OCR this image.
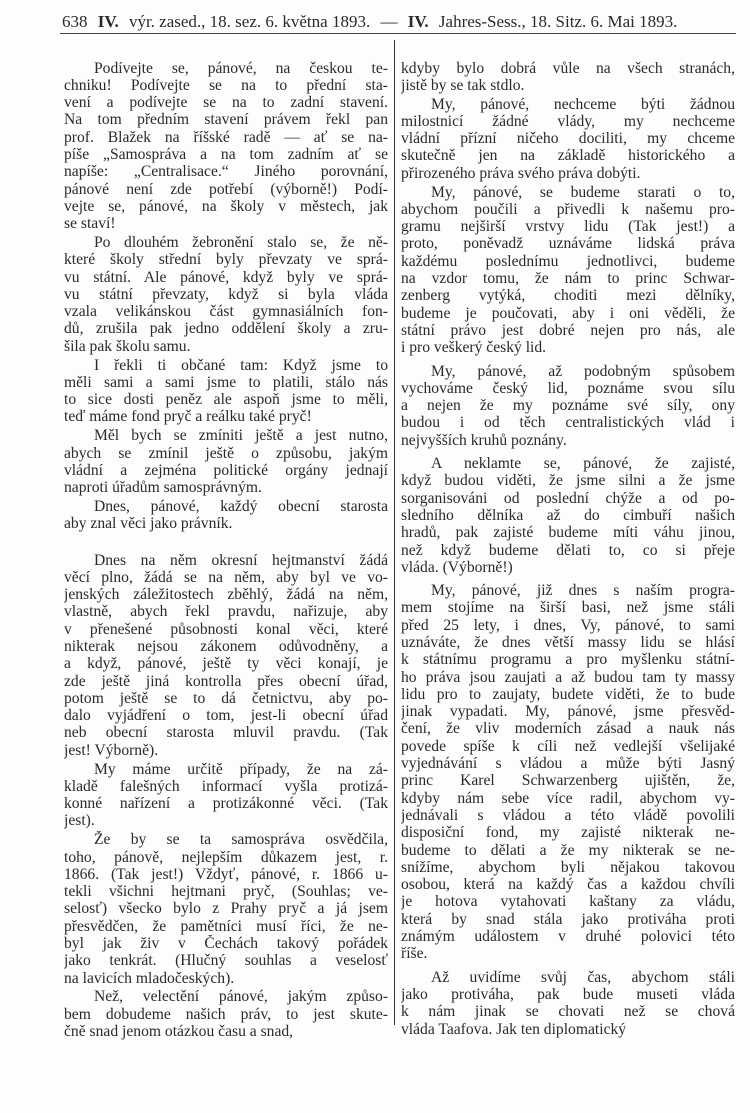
638 IV. výr. zased., 18. sez. 6. května 1893. — IV. Jahres-Sess., 18. Sitz. 6. Mai 1893.
Podívejte se, pánové, na českou te-
chniku! Podívejte se na to přední sta-
vení a podívejte se na to zadní stavení.
Na tom předním stavení právem řekl pan
prof. Blažek na říšské radě — ať se na-
píše „Samospráva a na tom zadním ať se
napíše: „Centralisace.“ Jiného porovnání,
pánové není zde potřebí (výborně!) Podí-
vejte se, pánové, na školy v městech, jak
se staví!
Po dlouhém žebronění stalo se, že ně-
které školy střední byly převzaty ve sprá-
vu státní. Ale pánové, když byly ve sprá-
vu státní převzaty, když si byla vláda
vzala velikánskou část gymnasiálních fon-
dů, zrušila pak jedno oddělení školy a zru-
šila pak školu samu.
I řekli ti občané tam: Když jsme to
měli sami a sami jsme to platili, stálo nás
to sice dosti peněz ale aspoň jsme to měli,
teď máme fond pryč a reálku také pryč!
Měl bych se zmíniti ještě a jest nutno,
abych se zmínil ještě o způsobu, jakým
vládní a zejména politické orgány jednají
naproti úřadům samosprávným.
Dnes, pánové, každý obecní starosta
aby znal věci jako právník.
Dnes na něm okresní hejtmanství žádá
věcí plno, žádá se na něm, aby byl ve vo-
jenských záležitostech zběhlý, žádá na něm,
vlastně, abych řekl pravdu, nařizuje, aby
v přenešené působnosti konal věci, které
nikterak nejsou zákonem odůvodněny, a
a když, pánové, ještě ty věci konají, je
zde ještě jiná kontrolla přes obecní úřad,
potom ještě se to dá četnictvu, aby po-
dalo vyjádření o tom, jest-li obecní úřad
neb obecní starosta mluvil pravdu. (Tak
jest! Výborně).
My máme určitě případy, že na zá-
kladě falešných informací vyšla protizá-
konné nařízení a protizákonné věci. (Tak
jest).
Že by se ta samospráva osvědčila,
toho, pánově, nejlepším důkazem jest, r.
1866. (Tak jest!) Vždyť, pánové, r. 1866 u-
tekli všichni hejtmani pryč, (Souhlas; ve-
selosť) všecko bylo z Prahy pryč a já jsem
přesvědčen, že pamětníci musí říci, že ne-
byl jak živ v Čechách takový pořádek
jako tenkrát. (Hlučný souhlas a veselosť
na lavicích mladočeských).
Než, velectění pánové, jakým způso-
bem dobudeme našich práv, to jest skute-
čně snad jenom otázkou času a snad,
kdyby bylo dobrá vůle na všech stranách,
jistě by se tak stdlo.
My, pánové, nechceme býti žádnou
milostnicí žádné vlády, my nechceme
vládní přízní ničeho dociliti, my chceme
skutečně jen na základě historického a
přirozeného práva svého práva dobýti.
My, pánové, se budeme starati o to,
abychom poučili a přivedli k našemu pro-
gramu nejširší vrstvy lidu (Tak jest!) a
proto, poněvadž uznáváme lidská práva
každému poslednímu jednotlivci, budeme
na vzdor tomu, že nám to princ Schwar-
zenberg vytýká, choditi mezi dělníky,
budeme je poučovati, aby i oni věděli, že
státní právo jest dobré nejen pro nás, ale
i pro veškerý český lid.
My, pánové, až podobným spůsobem
vychováme český lid, poznáme svou sílu
a nejen že my poznáme své síly, ony
budou i od těch centralistických vlád i
nejvyšších kruhů poznány.
A neklamte se, pánové, že zajisté,
když budou viděti, že jsme silni a že jsme
sorganisováni od poslední chýže a od po-
sledního dělníka až do cimbuří našich
hradů, pak zajisté budeme míti váhu jinou,
než když budeme dělati to, co si přeje
vláda. (Výborně!)
My, pánové, již dnes s naším progra-
mem stojíme na širší basi, než jsme stáli
před 25 lety, i dnes, Vy, pánové, to sami
uznáváte, že dnes větší massy lidu se hlásí
k státnímu programu a pro myšlenku státní-
ho práva jsou zaujati a až budou tam ty massy
lidu pro to zaujaty, budete viděti, že to bude
jinak vypadati. My, pánové, jsme přesvěd-
čení, že vliv moderních zásad a nauk nás
povede spíše k cíli než vedlejší všelijaké
vyjednávání s vládou a může býti Jasný
princ Karel Schwarzenberg ujištěn, že,
kdyby nám sebe více radil, abychom vy-
jednávali s vládou a této vládě povolili
disposiční fond, my zajisté nikterak ne-
budeme to dělati a že my nikterak se ne-
snížíme, abychom byli nějakou takovou
osobou, která na každý čas a každou chvíli
je hotova vytahovati kaštany za vládu,
která by snad stála jako protiváha proti
známým událostem v druhé polovici této
říše.
Až uvidíme svůj čas, abychom stáli
jako protiváha, pak bude museti vláda
k nám jinak se chovati než se chová
vláda Taafova. Jak ten diplomatický
